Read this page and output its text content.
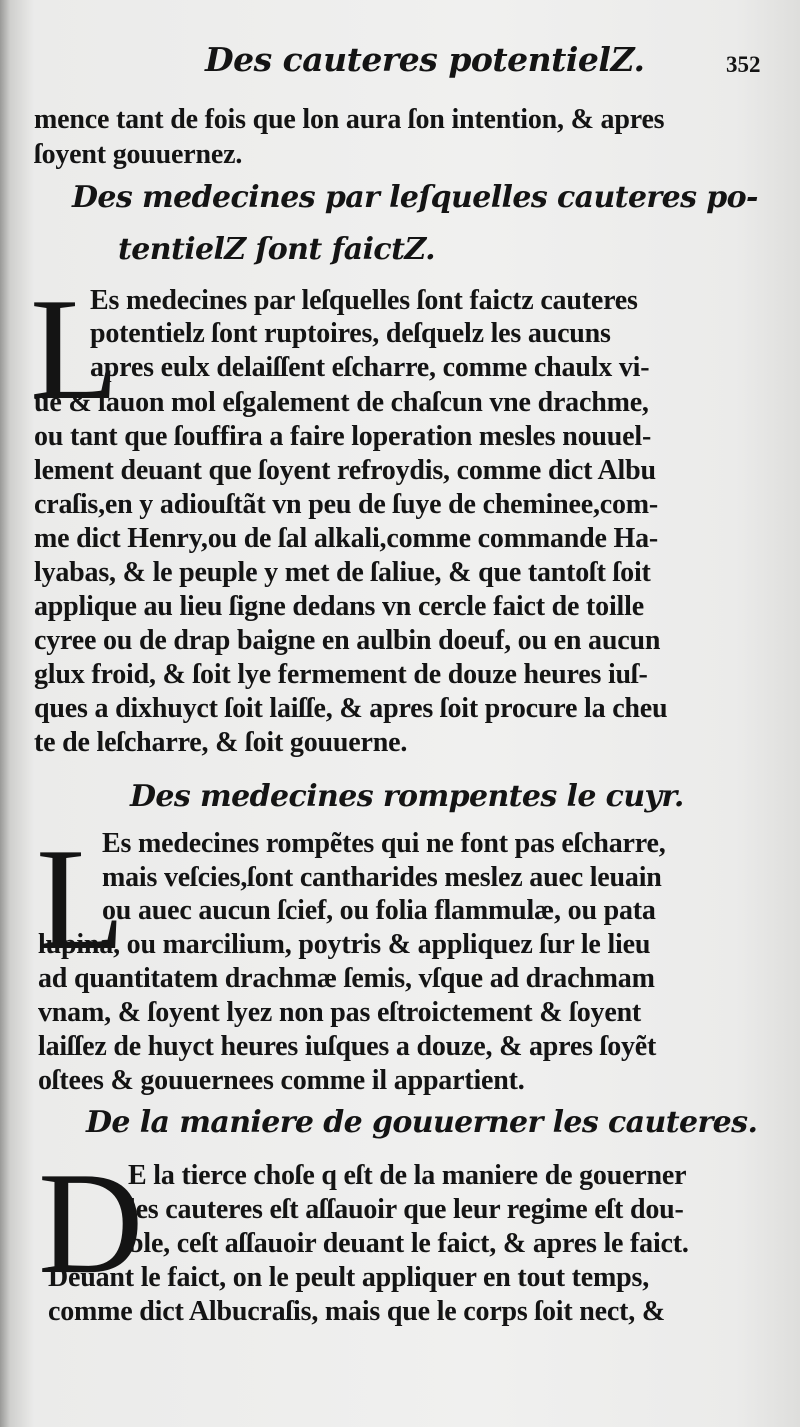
Des cauteres potentielZ.	352
mence tant de fois que lon aura ſon intention, & apres
ſoyent gouuernez.
Des medecines par leſquelles cauteres po-
tentielZ ſont faictZ.
L
Es medecines par leſquelles ſont faictz cauteres
potentielz ſont ruptoires, deſquelz les aucuns
apres eulx delaiſſent eſcharre, comme chaulx vi-
ue & ſauon mol eſgalement de chaſcun vne drachme,
ou tant que ſouffira a faire loperation mesles nouuel-
lement deuant que ſoyent refroydis, comme dict Albu
craſis,en y adiouſtãt vn peu de ſuye de cheminee,com-
me dict Henry,ou de ſal alkali,comme commande Ha-
lyabas, & le peuple y met de ſaliue, & que tantoſt ſoit
applique au lieu ſigne dedans vn cercle faict de toille
cyree ou de drap baigne en aulbin doeuf, ou en aucun
glux froid, & ſoit lye fermement de douze heures iuſ-
ques a dixhuyct ſoit laiſſe, & apres ſoit procure la cheu
te de leſcharre, & ſoit gouuerne.
Des medecines rompentes le cuyr.
L
Es medecines rompẽtes qui ne font pas eſcharre,
mais veſcies,ſont cantharides meslez auec leuain
ou auec aucun ſcief, ou folia flammulæ, ou pata
lupina, ou marcilium, poytris & appliquez ſur le lieu
ad quantitatem drachmæ ſemis, vſque ad drachmam
vnam, & ſoyent lyez non pas eſtroictement & ſoyent
laiſſez de huyct heures iuſques a douze, & apres ſoyẽt
oſtees & gouuernees comme il appartient.
De la maniere de gouuerner les cauteres.
D
E la tierce choſe q eſt de la maniere de gouerner
les cauteres eſt aſſauoir que leur regime eſt dou-
ble, ceſt aſſauoir deuant le faict, & apres le faict.
Deuant le faict, on le peult appliquer en tout temps,
comme dict Albucraſis, mais que le corps ſoit nect, &
